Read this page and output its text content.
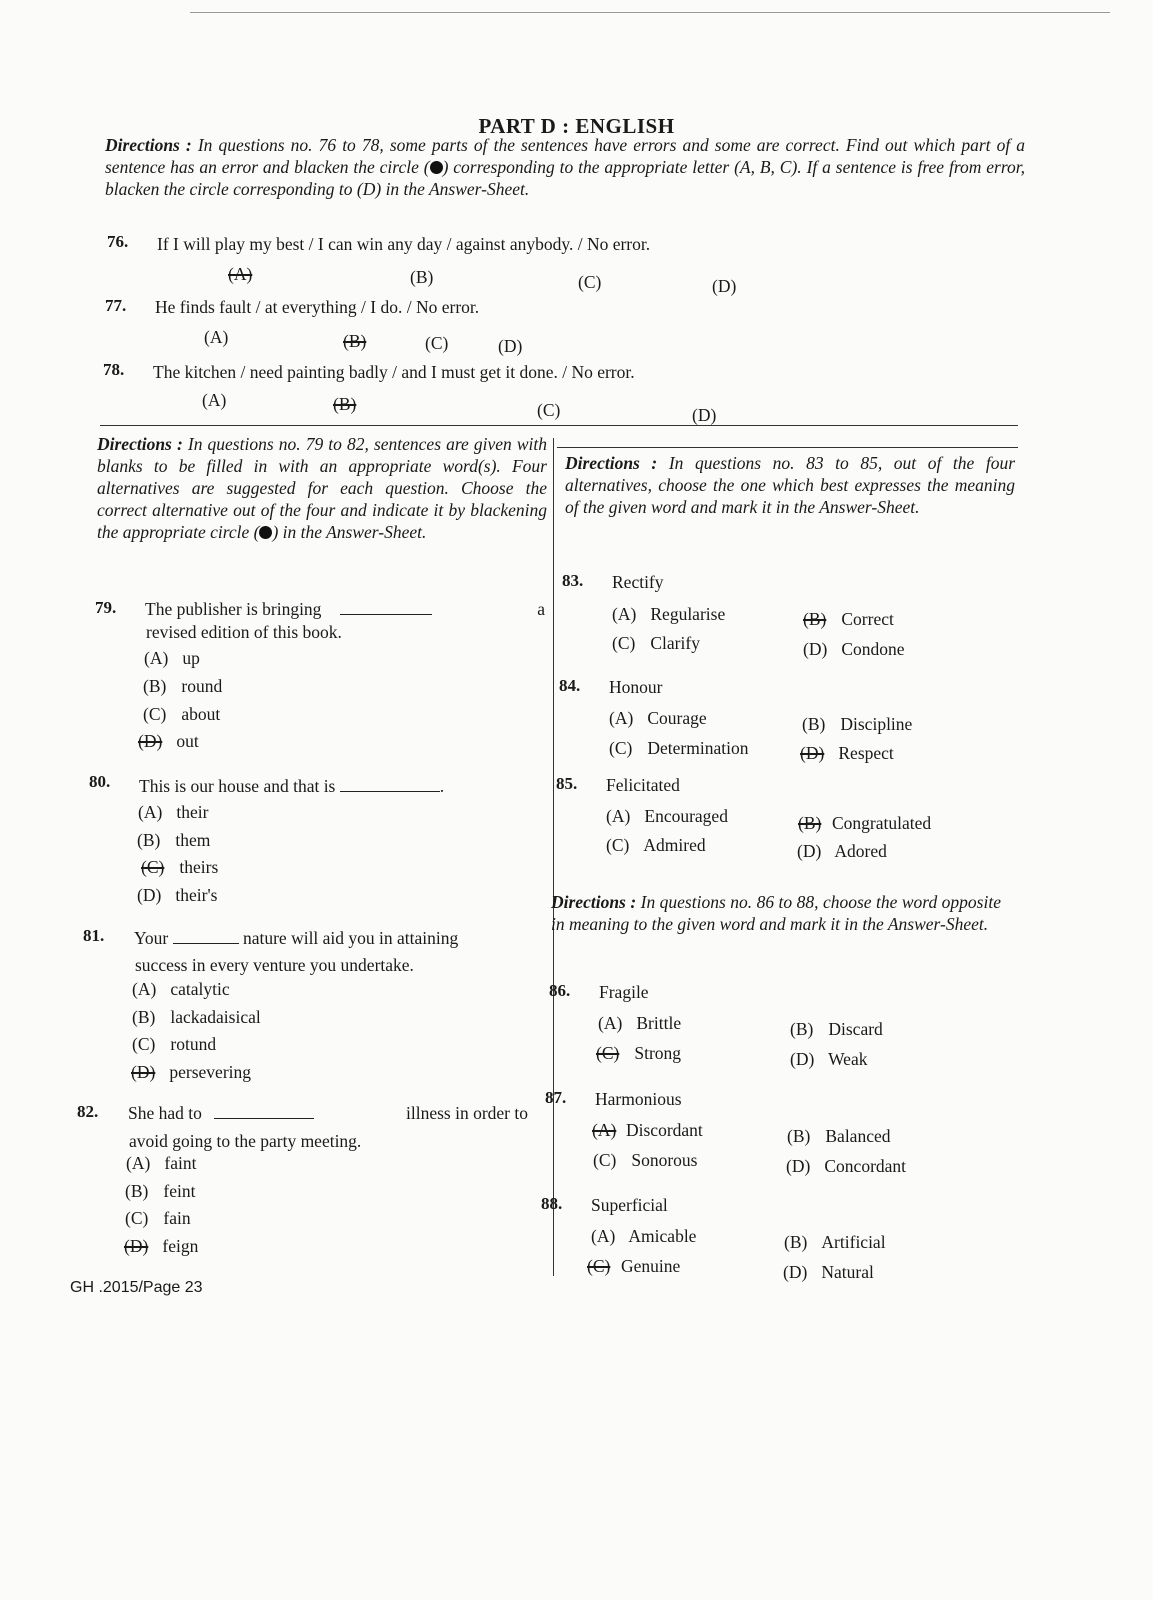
PART D : ENGLISH
Directions : In questions no. 76 to 78, some parts of the sentences have errors and some are correct. Find out which part of a sentence has an error and blacken the circle ( ) corresponding to the appropriate letter (A, B, C). If a sentence is free from error, blacken the circle corresponding to (D) in the Answer-Sheet.
76. If I will play my best / I can win any day / against anybody. / No error.
(A)	(B)	(C)	(D)
77. He finds fault / at everything / I do. / No error.
(A)	(B)	(C)	(D)
78. The kitchen / need painting badly / and I must get it done. / No error.
(A)	(B)	(C)	(D)
Directions : In questions no. 79 to 82, sentences are given with blanks to be filled in with an appropriate word(s). Four alternatives are suggested for each question. Choose the correct alternative out of the four and indicate it by blackening the appropriate circle ( ) in the Answer-Sheet.
79. The publisher is bringing	a
revised edition of this book.
(A) up
(B) round
(C) about
(D) out
80. This is our house and that is	.
(A) their
(B) them
(C) theirs
(D) their's
81. Your	nature will aid you in attaining
success in every venture you undertake.
(A) catalytic
(B) lackadaisical
(C) rotund
(D) persevering
82. She had to	illness in order to
avoid going to the party meeting.
(A) faint
(B) feint
(C) fain
(D) feign
Directions : In questions no. 83 to 85, out of the four alternatives, choose the one which best expresses the meaning of the given word and mark it in the Answer-Sheet.
83. Rectify
(A) Regularise	(B) Correct
(C) Clarify	(D) Condone
84. Honour
(A) Courage	(B) Discipline
(C) Determination	(D) Respect
85. Felicitated
(A) Encouraged	(B) Congratulated
(C) Admired	(D) Adored
Directions : In questions no. 86 to 88, choose the word opposite in meaning to the given word and mark it in the Answer-Sheet.
86. Fragile
(A) Brittle	(B) Discard
(C) Strong	(D) Weak
87. Harmonious
(A) Discordant	(B) Balanced
(C) Sonorous	(D) Concordant
88. Superficial
(A) Amicable	(B) Artificial
(C) Genuine	(D) Natural
GH .2015/Page 23
